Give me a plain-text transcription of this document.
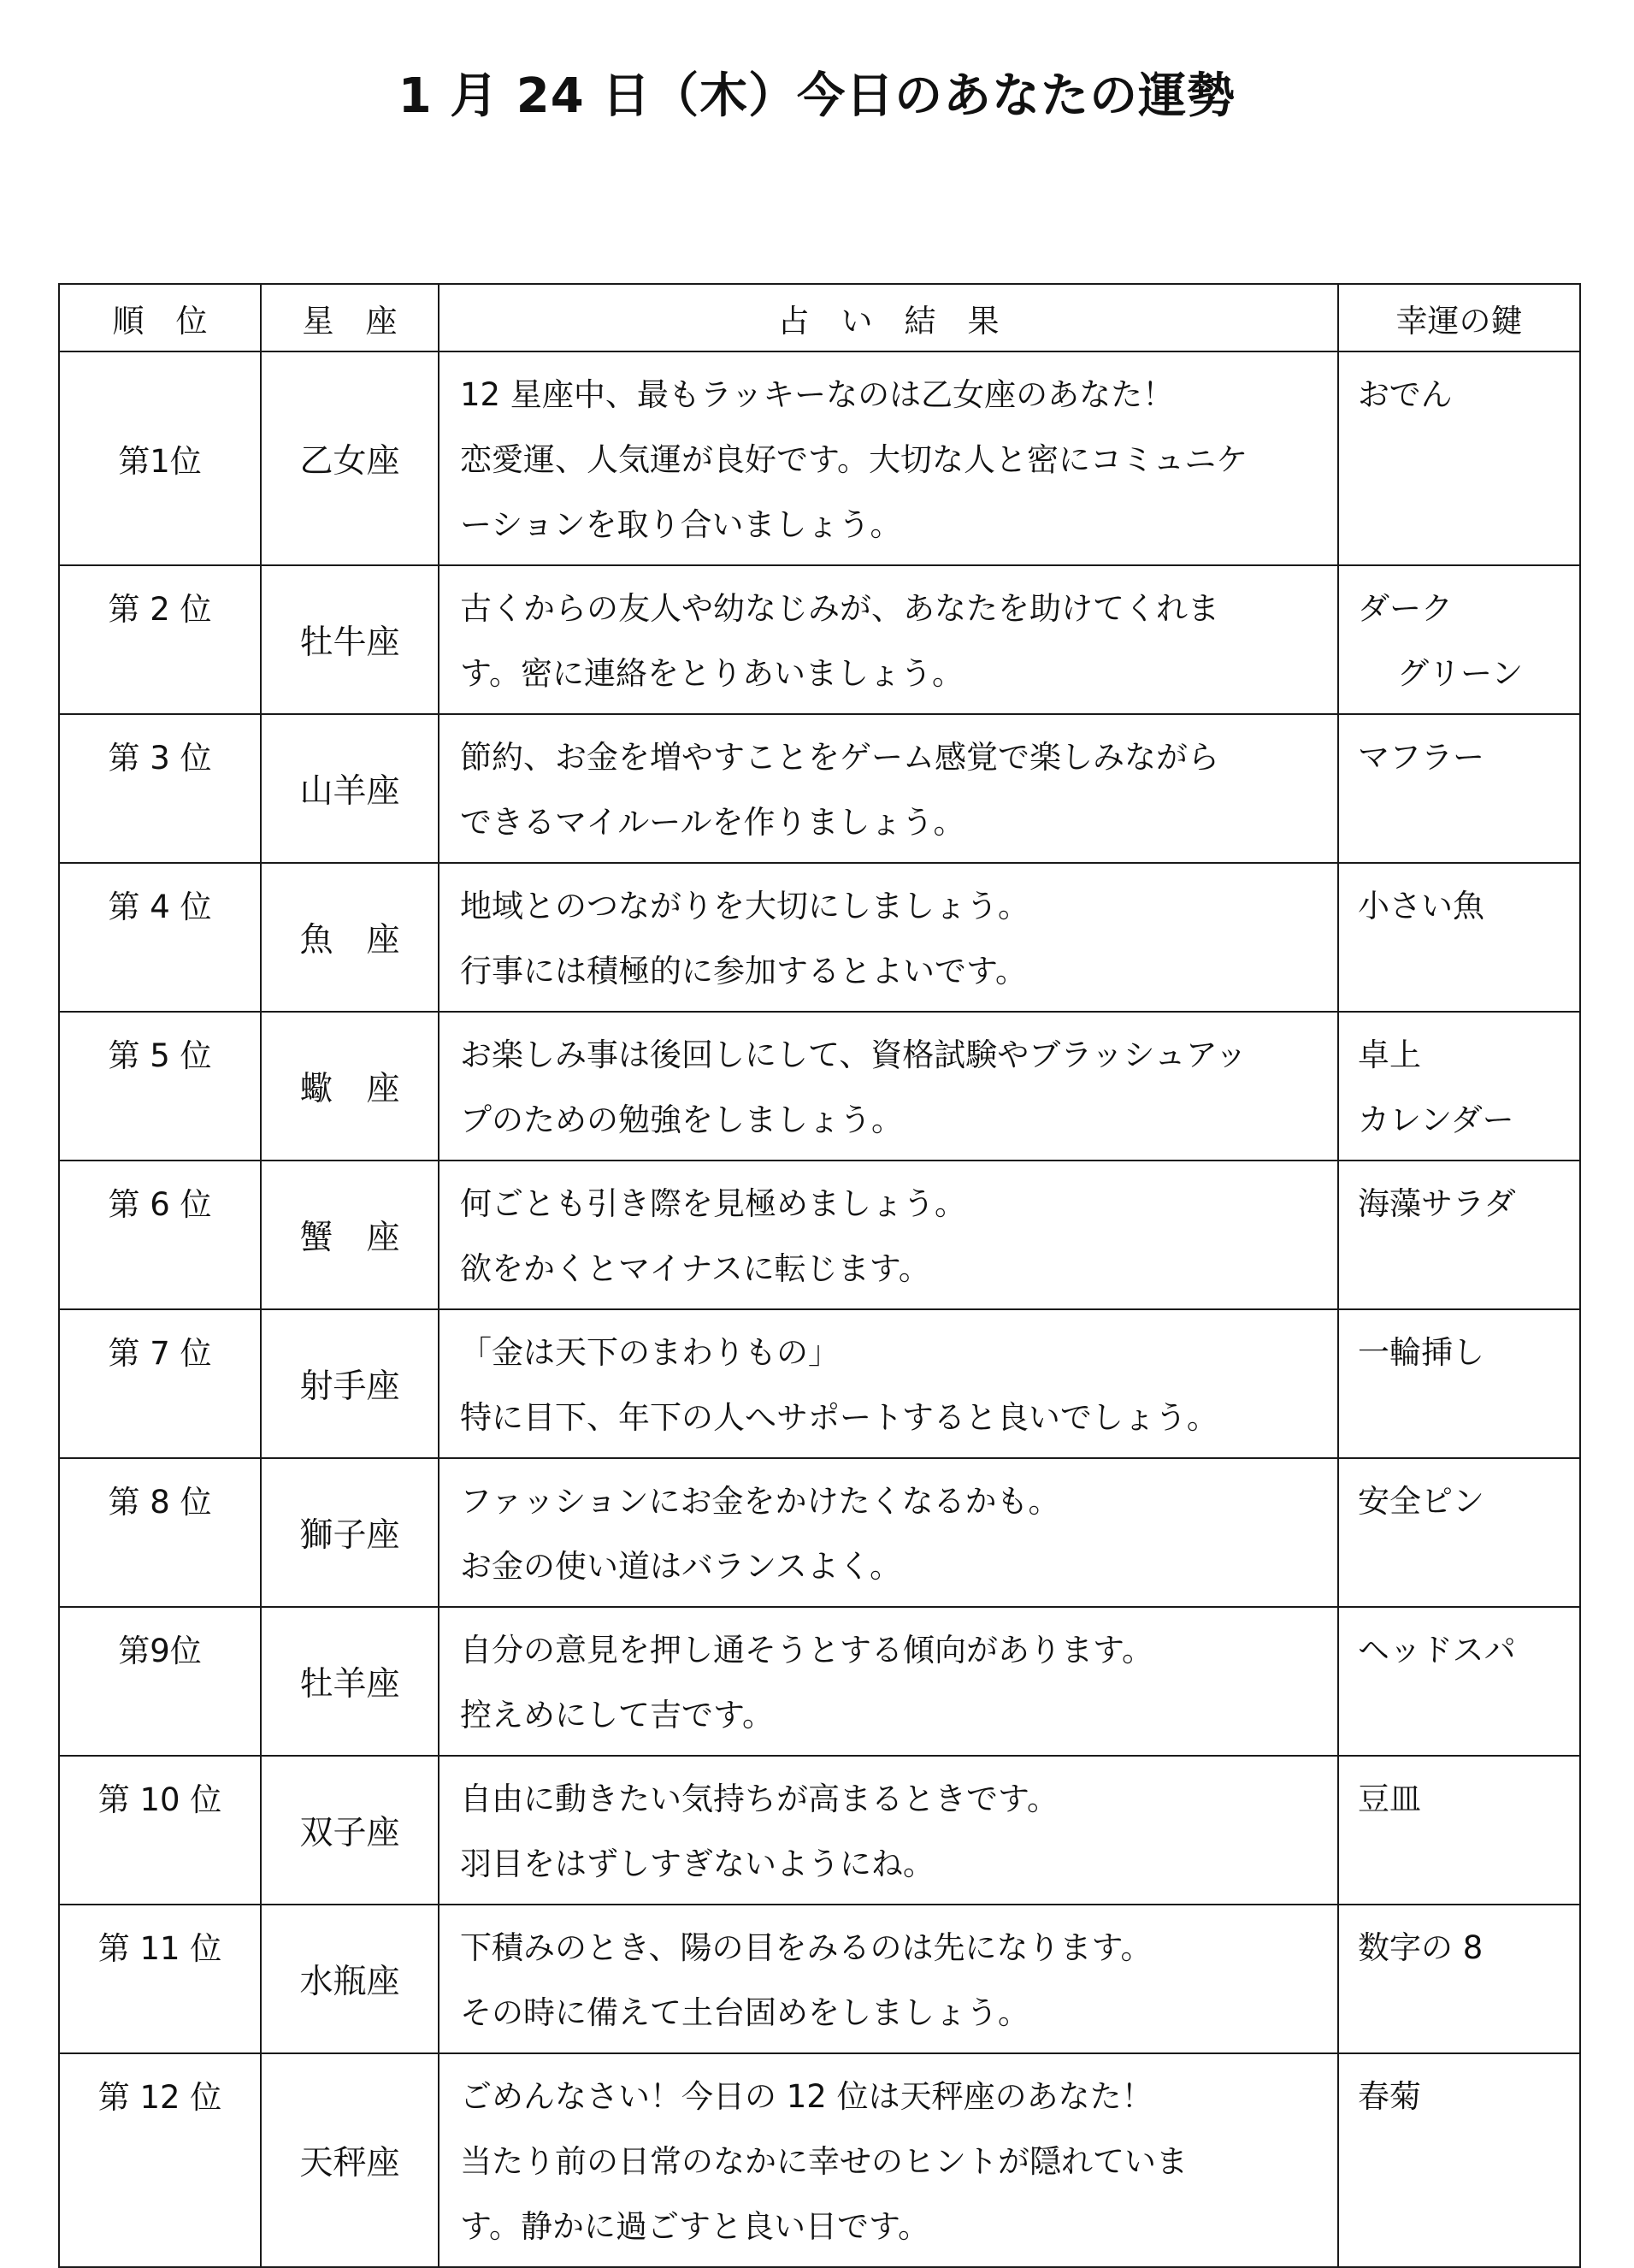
1 月 24 日（木）今日のあなたの運勢
順　位	星　座	占　い　結　果	幸運の鍵
第1位	乙女座	12 星座中、最もラッキーなのは乙女座のあなた！
恋愛運、人気運が良好です。大切な人と密にコミュニケ
ーションを取り合いましょう。	おでん

第 2 位	牡牛座	古くからの友人や幼なじみが、あなたを助けてくれま
す。密に連絡をとりあいましょう。	ダーク
グリーン

第 3 位	山羊座	節約、お金を増やすことをゲーム感覚で楽しみながら
できるマイルールを作りましょう。	マフラー

第 4 位	魚　座	地域とのつながりを大切にしましょう。
行事には積極的に参加するとよいです。	小さい魚

第 5 位	蠍　座	お楽しみ事は後回しにして、資格試験やブラッシュアッ
プのための勉強をしましょう。	卓上
カレンダー

第 6 位	蟹　座	何ごとも引き際を見極めましょう。
欲をかくとマイナスに転じます。	海藻サラダ

第 7 位	射手座	「金は天下のまわりもの」
特に目下、年下の人へサポートすると良いでしょう。	一輪挿し

第 8 位	獅子座	ファッションにお金をかけたくなるかも。
お金の使い道はバランスよく。	安全ピン

第9位	牡羊座	自分の意見を押し通そうとする傾向があります。
控えめにして吉です。	ヘッドスパ

第 10 位	双子座	自由に動きたい気持ちが高まるときです。
羽目をはずしすぎないようにね。	豆皿

第 11 位	水瓶座	下積みのとき、陽の目をみるのは先になります。
その時に備えて土台固めをしましょう。	数字の 8

第 12 位	天秤座	ごめんなさい！今日の 12 位は天秤座のあなた！
当たり前の日常のなかに幸せのヒントが隠れていま
す。静かに過ごすと良い日です。	春菊
